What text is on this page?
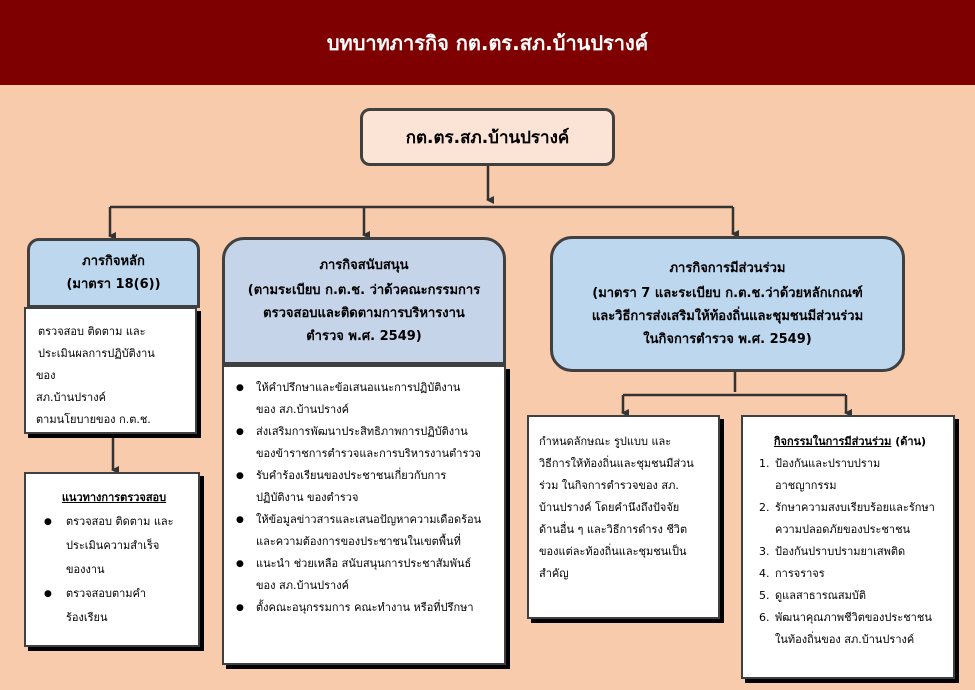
บทบาทภารกิจ กต.ตร.สภ.บ้านปรางค์
กต.ตร.สภ.บ้านปรางค์
ภารกิจหลัก
(มาตรา 18(6))
ตรวจสอบ ติดตาม และ
ประเมินผลการปฏิบัติงาน
ของ
สภ.บ้านปรางค์
ตามนโยบายของ ก.ต.ช.
แนวทางการตรวจสอบ
● ตรวจสอบ ติดตาม และ
ประเมินความสำเร็จ
ของงาน
● ตรวจสอบตามคำ
ร้องเรียน
ภารกิจสนับสนุน
(ตามระเบียบ ก.ต.ช. ว่าด้วคณะกรรมการ
ตรวจสอบและติดตามการบริหารงาน
ตำรวจ พ.ศ. 2549)
● ให้คำปรึกษาและข้อเสนอแนะการปฏิบัติงาน
ของ สภ.บ้านปรางค์
● ส่งเสริมการพัฒนาประสิทธิภาพการปฏิบัติงาน
ของข้าราชการตำรวจและการบริหารงานตำรวจ
● รับคำร้องเรียนของประชาชนเกี่ยวกับการ
ปฏิบัติงาน ของตำรวจ
● ให้ข้อมูลข่าวสารและเสนอปัญหาความเดือดร้อน
และความต้องการของประชาชนในเขตพื้นที่
● แนะนำ ช่วยเหลือ สนับสนุนการประชาสัมพันธ์
ของ สภ.บ้านปรางค์
● ตั้งคณะอนุกรรมการ คณะทำงาน หรือที่ปรึกษา
ภารกิจการมีส่วนร่วม
(มาตรา 7 และระเบียบ ก.ต.ช.ว่าด้วยหลักเกณฑ์
และวิธีการส่งเสริมให้ท้องถิ่นและชุมชนมีส่วนร่วม
ในกิจการตำรวจ พ.ศ. 2549)
กำหนดลักษณะ รูปแบบ และ
วิธีการให้ท้องถิ่นและชุมชนมีส่วน
ร่วม ในกิจการตำรวจของ สภ.
บ้านปรางค์ โดยคำนึงถึงปัจจัย
ด้านอื่น ๆ และวิธีการดำรง ชีวิต
ของแต่ละท้องถิ่นและชุมชนเป็น
สำคัญ
กิจกรรมในการมีส่วนร่วม (ด้าน)
1. ป้องกันและปราบปราม
อาชญากรรม
2. รักษาความสงบเรียบร้อยและรักษา
ความปลอดภัยของประชาชน
3. ป้องกันปราบปรามยาเสพติด
4. การจราจร
5. ดูแลสาธารณสมบัติ
6. พัฒนาคุณภาพชีวิตของประชาชน
ในท้องถิ่นของ สภ.บ้านปรางค์
